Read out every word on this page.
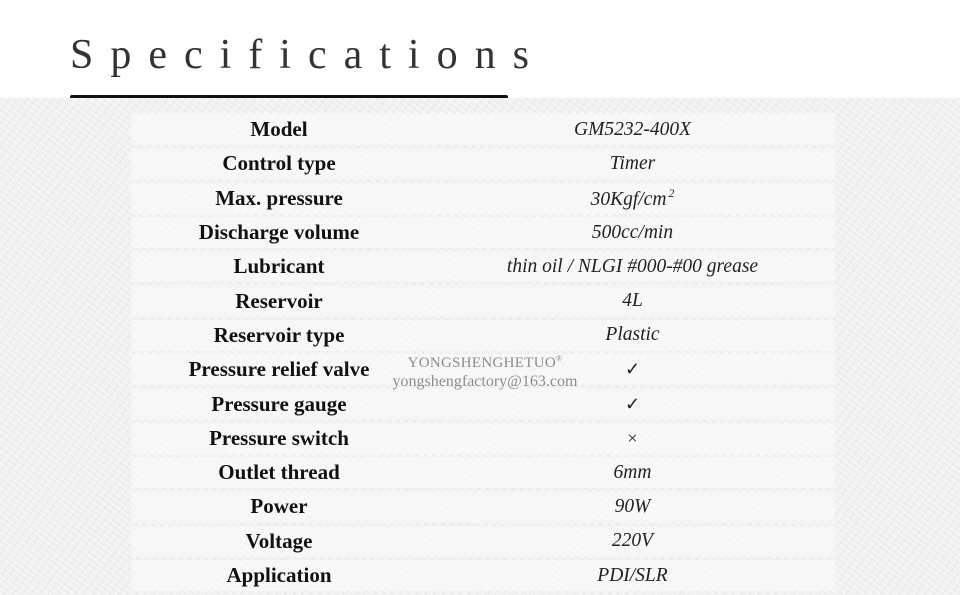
Specifications
Model	GM5232-400X
Control type	Timer
Max. pressure	30Kgf/cm $^2$
Discharge volume	500cc/min
Lubricant	thin oil / NLGI #000-#00 grease
Reservoir	4L
Reservoir type	Plastic
Pressure relief valve	✓
Pressure gauge	✓
Pressure switch	×
Outlet thread	6mm
Power	90W
Voltage	220V
Application	PDI/SLR
YONGSHENGHETUO®
yongshengfactory@163.com
